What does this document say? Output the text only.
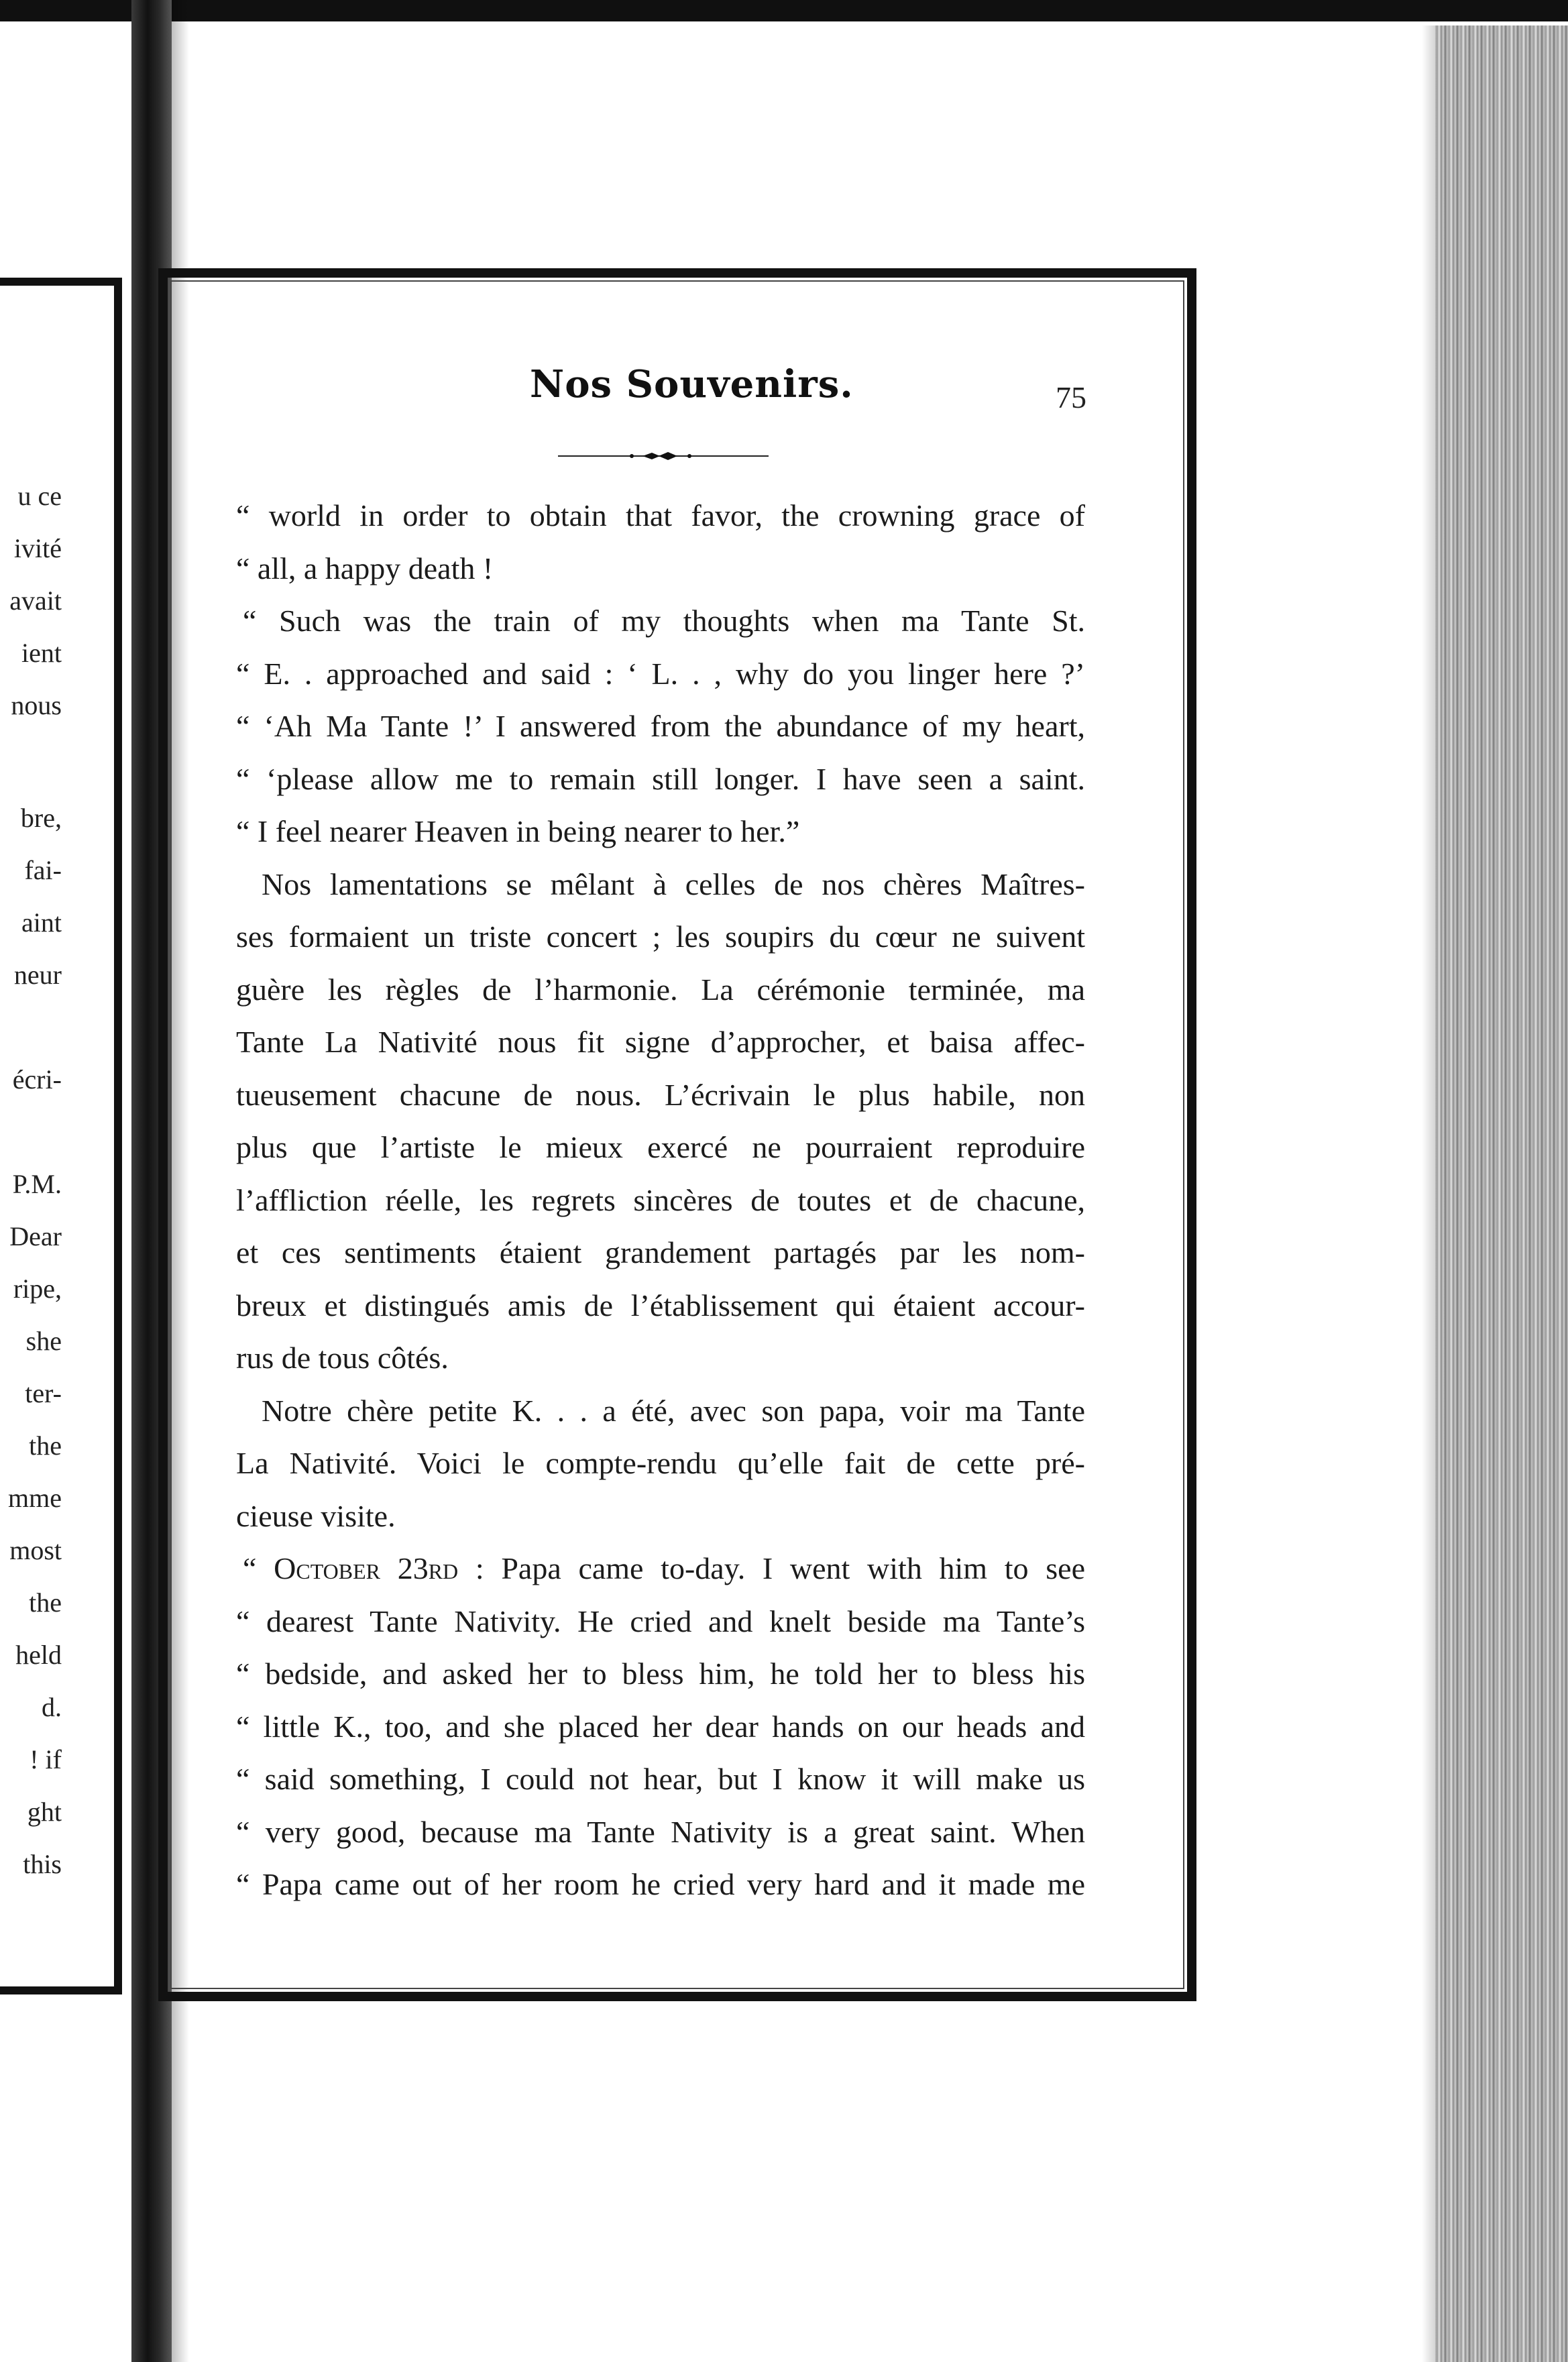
u ce
ivité
avait
ient
nous
bre,
fai-
aint
neur
écri-
P.M.
Dear
ripe,
she
ter-
the
mme
most
the
held
d.
! if
ght
this
Nos Souvenirs.	75
“ world in order to obtain that favor, the crowning grace of
“ all, a happy death !
“ Such was the train of my thoughts when ma Tante St.
“ E. . approached and said : ‘ L. . , why do you linger here ?’
“ ‘Ah Ma Tante !’ I answered from the abundance of my heart,
“ ‘please allow me to remain still longer. I have seen a saint.
“ I feel nearer Heaven in being nearer to her.”
Nos lamentations se mêlant à celles de nos chères Maîtres-
ses formaient un triste concert ; les soupirs du cœur ne suivent
guère les règles de l’harmonie. La cérémonie terminée, ma
Tante La Nativité nous fit signe d’approcher, et baisa affec-
tueusement chacune de nous. L’écrivain le plus habile, non
plus que l’artiste le mieux exercé ne pourraient reproduire
l’affliction réelle, les regrets sincères de toutes et de chacune,
et ces sentiments étaient grandement partagés par les nom-
breux et distingués amis de l’établissement qui étaient accour-
rus de tous côtés.
Notre chère petite K. . . a été, avec son papa, voir ma Tante
La Nativité. Voici le compte-rendu qu’elle fait de cette pré-
cieuse visite.
“ October 23rd : Papa came to-day. I went with him to see
“ dearest Tante Nativity. He cried and knelt beside ma Tante’s
“ bedside, and asked her to bless him, he told her to bless his
“ little K., too, and she placed her dear hands on our heads and
“ said something, I could not hear, but I know it will make us
“ very good, because ma Tante Nativity is a great saint. When
“ Papa came out of her room he cried very hard and it made me
